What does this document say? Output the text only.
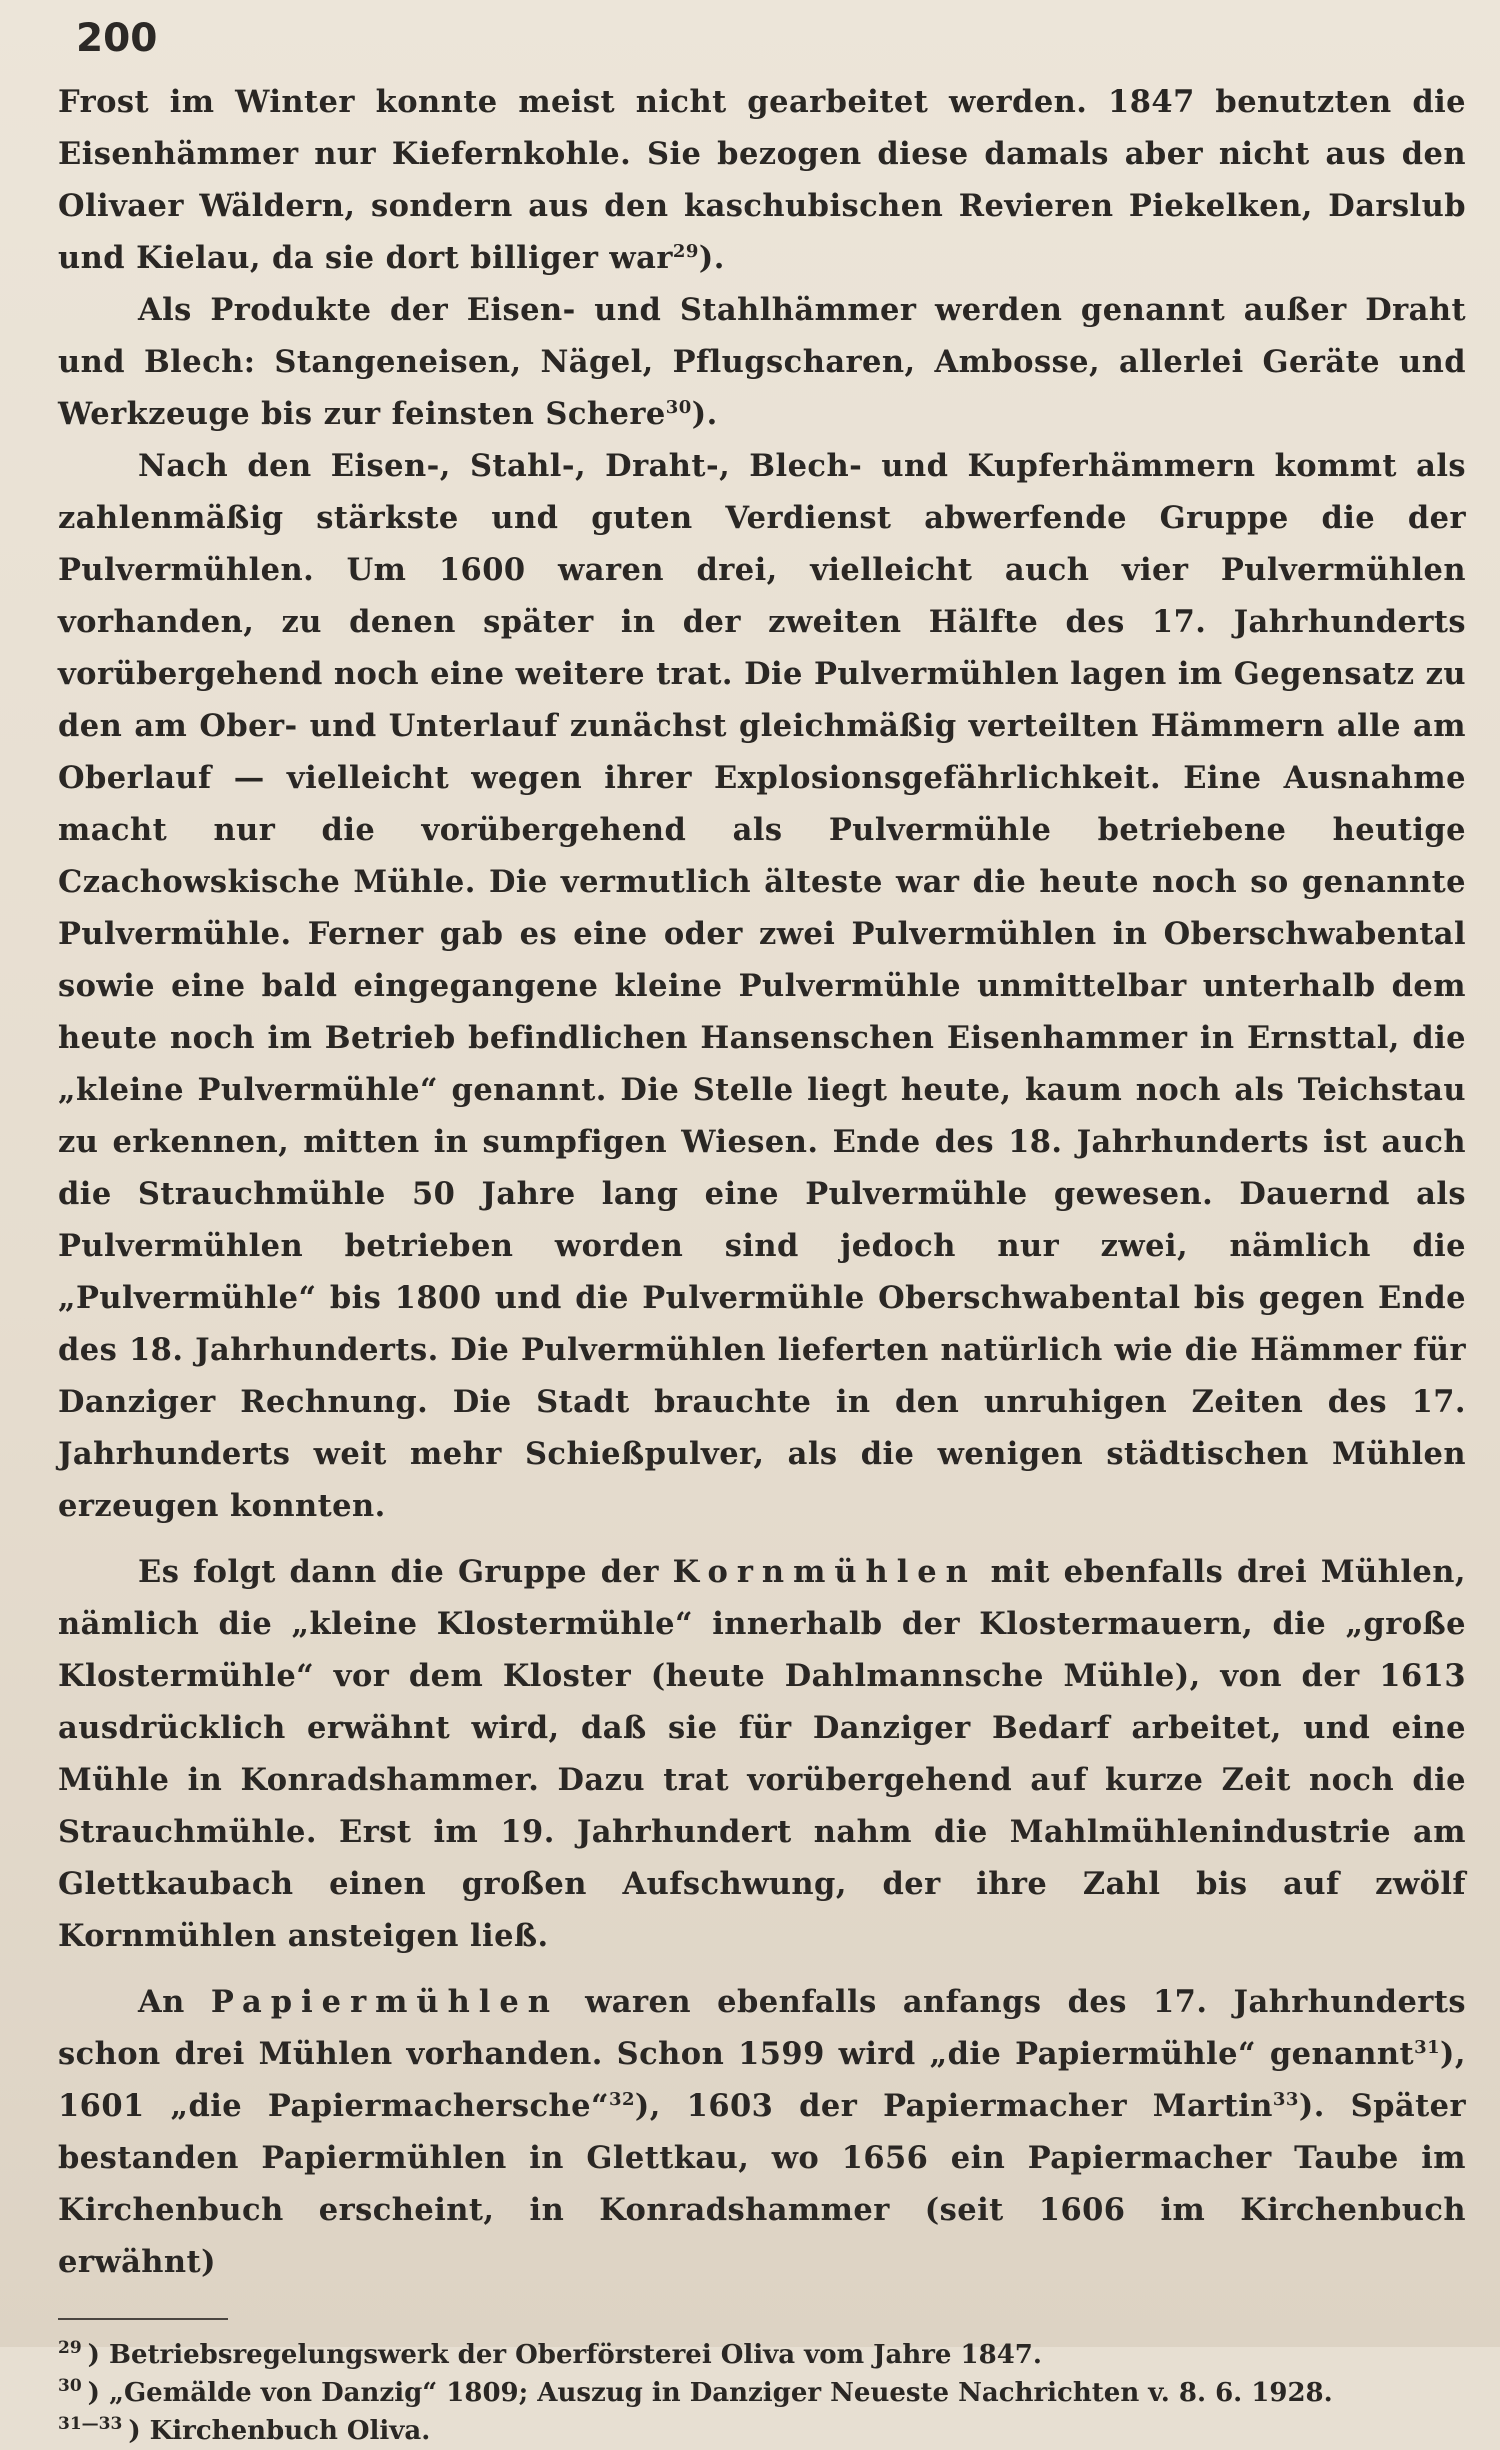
200

Frost im Winter konnte meist nicht gearbeitet werden. 1847 benutzten die Eisenhämmer nur Kiefernkohle. Sie bezogen diese damals aber nicht aus den Olivaer Wäldern, sondern aus den kaschubischen Revieren Piekelken, Darslub und Kielau, da sie dort billiger war$^{29}$).

Als Produkte der Eisen- und Stahlhämmer werden genannt außer Draht und Blech: Stangeneisen, Nägel, Pflugscharen, Ambosse, allerlei Geräte und Werkzeuge bis zur feinsten Schere$^{30}$).

Nach den Eisen-, Stahl-, Draht-, Blech- und Kupferhämmern kommt als zahlenmäßig stärkste und guten Verdienst abwerfende Gruppe die der Pulvermühlen. Um 1600 waren drei, vielleicht auch vier Pulvermühlen vorhanden, zu denen später in der zweiten Hälfte des 17. Jahrhunderts vorübergehend noch eine weitere trat. Die Pulvermühlen lagen im Gegensatz zu den am Ober- und Unterlauf zunächst gleichmäßig verteilten Hämmern alle am Oberlauf — vielleicht wegen ihrer Explosionsgefährlichkeit. Eine Ausnahme macht nur die vorübergehend als Pulvermühle betriebene heutige Czachowskische Mühle. Die vermutlich älteste war die heute noch so genannte Pulvermühle. Ferner gab es eine oder zwei Pulvermühlen in Oberschwabental sowie eine bald eingegangene kleine Pulvermühle unmittelbar unterhalb dem heute noch im Betrieb befindlichen Hansenschen Eisenhammer in Ernsttal, die „kleine Pulvermühle“ genannt. Die Stelle liegt heute, kaum noch als Teichstau zu erkennen, mitten in sumpfigen Wiesen. Ende des 18. Jahrhunderts ist auch die Strauchmühle 50 Jahre lang eine Pulvermühle gewesen. Dauernd als Pulvermühlen betrieben worden sind jedoch nur zwei, nämlich die „Pulvermühle“ bis 1800 und die Pulvermühle Oberschwabental bis gegen Ende des 18. Jahrhunderts. Die Pulvermühlen lieferten natürlich wie die Hämmer für Danziger Rechnung. Die Stadt brauchte in den unruhigen Zeiten des 17. Jahrhunderts weit mehr Schießpulver, als die wenigen städtischen Mühlen erzeugen konnten.

Es folgt dann die Gruppe der Kornmühlen mit ebenfalls drei Mühlen, nämlich die „kleine Klostermühle“ innerhalb der Klostermauern, die „große Klostermühle“ vor dem Kloster (heute Dahlmannsche Mühle), von der 1613 ausdrücklich erwähnt wird, daß sie für Danziger Bedarf arbeitet, und eine Mühle in Konradshammer. Dazu trat vorübergehend auf kurze Zeit noch die Strauchmühle. Erst im 19. Jahrhundert nahm die Mahlmühlenindustrie am Glettkaubach einen großen Aufschwung, der ihre Zahl bis auf zwölf Kornmühlen ansteigen ließ.

An Papiermühlen waren ebenfalls anfangs des 17. Jahrhunderts schon drei Mühlen vorhanden. Schon 1599 wird „die Papiermühle“ genannt$^{31}$), 1601 „die Papiermachersche“$^{32}$), 1603 der Papiermacher Martin$^{33}$). Später bestanden Papiermühlen in Glettkau, wo 1656 ein Papiermacher Taube im Kirchenbuch erscheint, in Konradshammer (seit 1606 im Kirchenbuch erwähnt)

$^{29}$ ) Betriebsregelungswerk der Oberförsterei Oliva vom Jahre 1847.
$^{30}$ ) „Gemälde von Danzig“ 1809; Auszug in Danziger Neueste Nachrichten v. 8. 6. 1928.
$^{31—33}$ ) Kirchenbuch Oliva.
